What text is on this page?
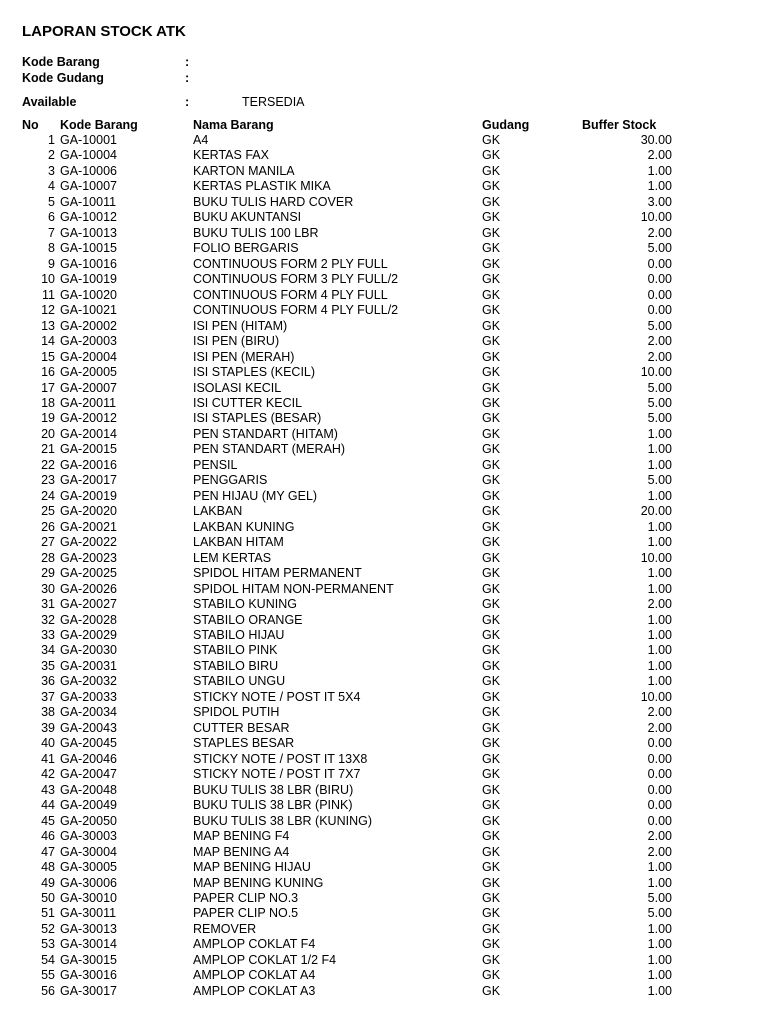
LAPORAN STOCK ATK
Kode Barang	:
Kode Gudang	:
Available	:	TERSEDIA
No Kode Barang	Nama Barang	Gudang	Buffer Stock
1 GA-10001	A4	GK	30.00
2 GA-10004	KERTAS FAX	GK	2.00
3 GA-10006	KARTON MANILA	GK	1.00
4 GA-10007	KERTAS PLASTIK MIKA	GK	1.00
5 GA-10011	BUKU TULIS HARD COVER	GK	3.00
6 GA-10012	BUKU AKUNTANSI	GK	10.00
7 GA-10013	BUKU TULIS 100 LBR	GK	2.00
8 GA-10015	FOLIO BERGARIS	GK	5.00
9 GA-10016	CONTINUOUS FORM 2 PLY FULL	GK	0.00
10 GA-10019	CONTINUOUS FORM 3 PLY FULL/2	GK	0.00
11 GA-10020	CONTINUOUS FORM 4 PLY FULL	GK	0.00
12 GA-10021	CONTINUOUS FORM 4 PLY FULL/2	GK	0.00
13 GA-20002	ISI PEN (HITAM)	GK	5.00
14 GA-20003	ISI PEN (BIRU)	GK	2.00
15 GA-20004	ISI PEN (MERAH)	GK	2.00
16 GA-20005	ISI STAPLES (KECIL)	GK	10.00
17 GA-20007	ISOLASI KECIL	GK	5.00
18 GA-20011	ISI CUTTER KECIL	GK	5.00
19 GA-20012	ISI STAPLES (BESAR)	GK	5.00
20 GA-20014	PEN STANDART (HITAM)	GK	1.00
21 GA-20015	PEN STANDART (MERAH)	GK	1.00
22 GA-20016	PENSIL	GK	1.00
23 GA-20017	PENGGARIS	GK	5.00
24 GA-20019	PEN HIJAU (MY GEL)	GK	1.00
25 GA-20020	LAKBAN	GK	20.00
26 GA-20021	LAKBAN KUNING	GK	1.00
27 GA-20022	LAKBAN HITAM	GK	1.00
28 GA-20023	LEM KERTAS	GK	10.00
29 GA-20025	SPIDOL HITAM PERMANENT	GK	1.00
30 GA-20026	SPIDOL HITAM NON-PERMANENT	GK	1.00
31 GA-20027	STABILO KUNING	GK	2.00
32 GA-20028	STABILO ORANGE	GK	1.00
33 GA-20029	STABILO HIJAU	GK	1.00
34 GA-20030	STABILO PINK	GK	1.00
35 GA-20031	STABILO BIRU	GK	1.00
36 GA-20032	STABILO UNGU	GK	1.00
37 GA-20033	STICKY NOTE / POST IT 5X4	GK	10.00
38 GA-20034	SPIDOL PUTIH	GK	2.00
39 GA-20043	CUTTER BESAR	GK	2.00
40 GA-20045	STAPLES BESAR	GK	0.00
41 GA-20046	STICKY NOTE / POST IT 13X8	GK	0.00
42 GA-20047	STICKY NOTE / POST IT 7X7	GK	0.00
43 GA-20048	BUKU TULIS 38 LBR (BIRU)	GK	0.00
44 GA-20049	BUKU TULIS 38 LBR (PINK)	GK	0.00
45 GA-20050	BUKU TULIS 38 LBR (KUNING)	GK	0.00
46 GA-30003	MAP BENING F4	GK	2.00
47 GA-30004	MAP BENING A4	GK	2.00
48 GA-30005	MAP BENING HIJAU	GK	1.00
49 GA-30006	MAP BENING KUNING	GK	1.00
50 GA-30010	PAPER CLIP NO.3	GK	5.00
51 GA-30011	PAPER CLIP NO.5	GK	5.00
52 GA-30013	REMOVER	GK	1.00
53 GA-30014	AMPLOP COKLAT F4	GK	1.00
54 GA-30015	AMPLOP COKLAT 1/2 F4	GK	1.00
55 GA-30016	AMPLOP COKLAT A4	GK	1.00
56 GA-30017	AMPLOP COKLAT A3	GK	1.00
